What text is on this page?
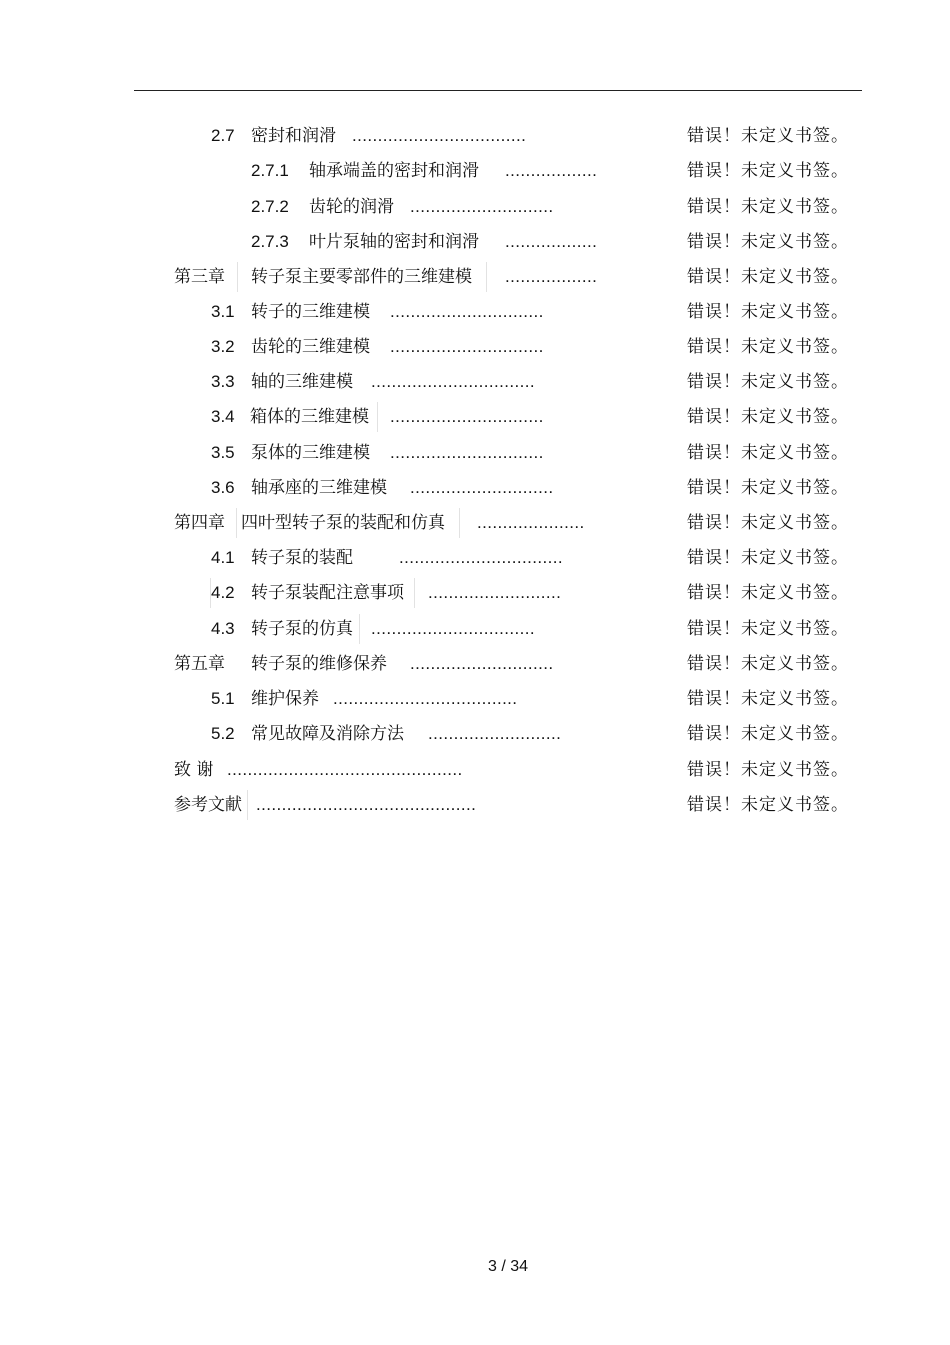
2.7 密封和润滑 ..................................	错误！未定义书签。
2.7.1 轴承端盖的密封和润滑 ..................	错误！未定义书签。
2.7.2 齿轮的润滑 ............................	错误！未定义书签。
2.7.3 叶片泵轴的密封和润滑 ..................	错误！未定义书签。
第三章	转子泵主要零部件的三维建模	..................	错误！未定义书签。
3.1 转子的三维建模 ..............................	错误！未定义书签。
3.2 齿轮的三维建模 ..............................	错误！未定义书签。
3.3 轴的三维建模 ................................	错误！未定义书签。
3.4 箱体的三维建模	..............................	错误！未定义书签。
3.5 泵体的三维建模 ..............................	错误！未定义书签。
3.6 轴承座的三维建模 ............................	错误！未定义书签。
第四章 四叶型转子泵的装配和仿真	.....................	错误！未定义书签。
4.1 转子泵的装配	................................	错误！未定义书签。
4.2 转子泵装配注意事项	..........................	错误！未定义书签。
4.3 转子泵的仿真	................................	错误！未定义书签。
第五章 转子泵的维修保养 ............................	错误！未定义书签。
5.1 维护保养 ....................................	错误！未定义书签。
5.2 常见故障及消除方法 ..........................	错误！未定义书签。
致 谢 ..............................................	错误！未定义书签。
参考文献 ...........................................	错误！未定义书签。
3 / 34
